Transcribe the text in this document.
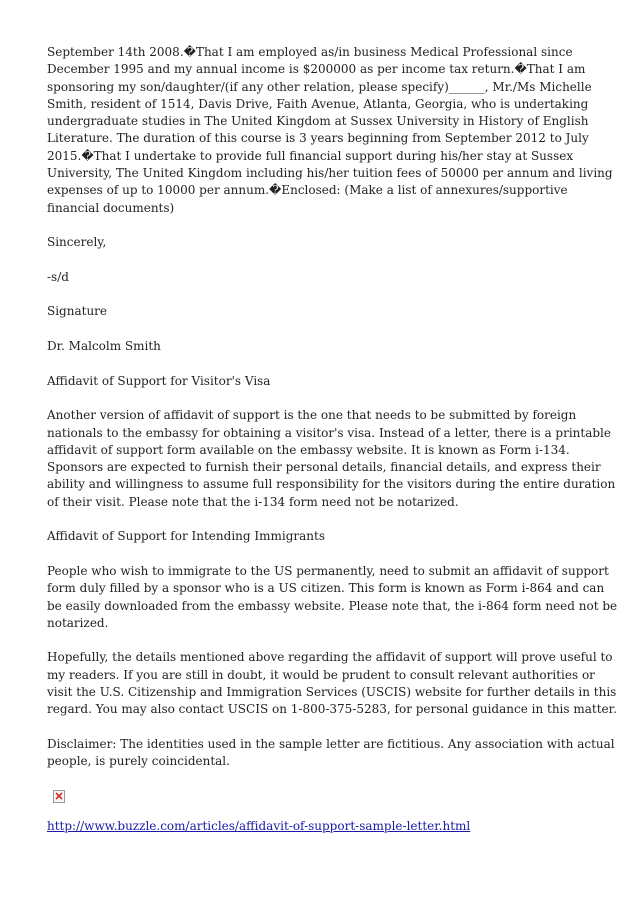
September 14th 2008.�That I am employed as/in business Medical Professional since December 1995 and my annual income is $200000 as per income tax return.�That I am sponsoring my son/daughter/(if any other relation, please specify)______, Mr./Ms Michelle Smith, resident of 1514, Davis Drive, Faith Avenue, Atlanta, Georgia, who is undertaking undergraduate studies in The United Kingdom at Sussex University in History of English Literature. The duration of this course is 3 years beginning from September 2012 to July 2015.�That I undertake to provide full financial support during his/her stay at Sussex University, The United Kingdom including his/her tuition fees of 50000 per annum and living expenses of up to 10000 per annum.�Enclosed: (Make a list of annexures/supportive financial documents)

Sincerely,

-s/d

Signature

Dr. Malcolm Smith

Affidavit of Support for Visitor's Visa

Another version of affidavit of support is the one that needs to be submitted by foreign nationals to the embassy for obtaining a visitor's visa. Instead of a letter, there is a printable affidavit of support form available on the embassy website. It is known as Form i-134. Sponsors are expected to furnish their personal details, financial details, and express their ability and willingness to assume full responsibility for the visitors during the entire duration of their visit. Please note that the i-134 form need not be notarized.

Affidavit of Support for Intending Immigrants

People who wish to immigrate to the US permanently, need to submit an affidavit of support form duly filled by a sponsor who is a US citizen. This form is known as Form i-864 and can be easily downloaded from the embassy website. Please note that, the i-864 form need not be notarized.

Hopefully, the details mentioned above regarding the affidavit of support will prove useful to my readers. If you are still in doubt, it would be prudent to consult relevant authorities or visit the U.S. Citizenship and Immigration Services (USCIS) website for further details in this regard. You may also contact USCIS on 1-800-375-5283, for personal guidance in this matter.

Disclaimer: The identities used in the sample letter are fictitious. Any association with actual people, is purely coincidental.

http://www.buzzle.com/articles/affidavit-of-support-sample-letter.html
